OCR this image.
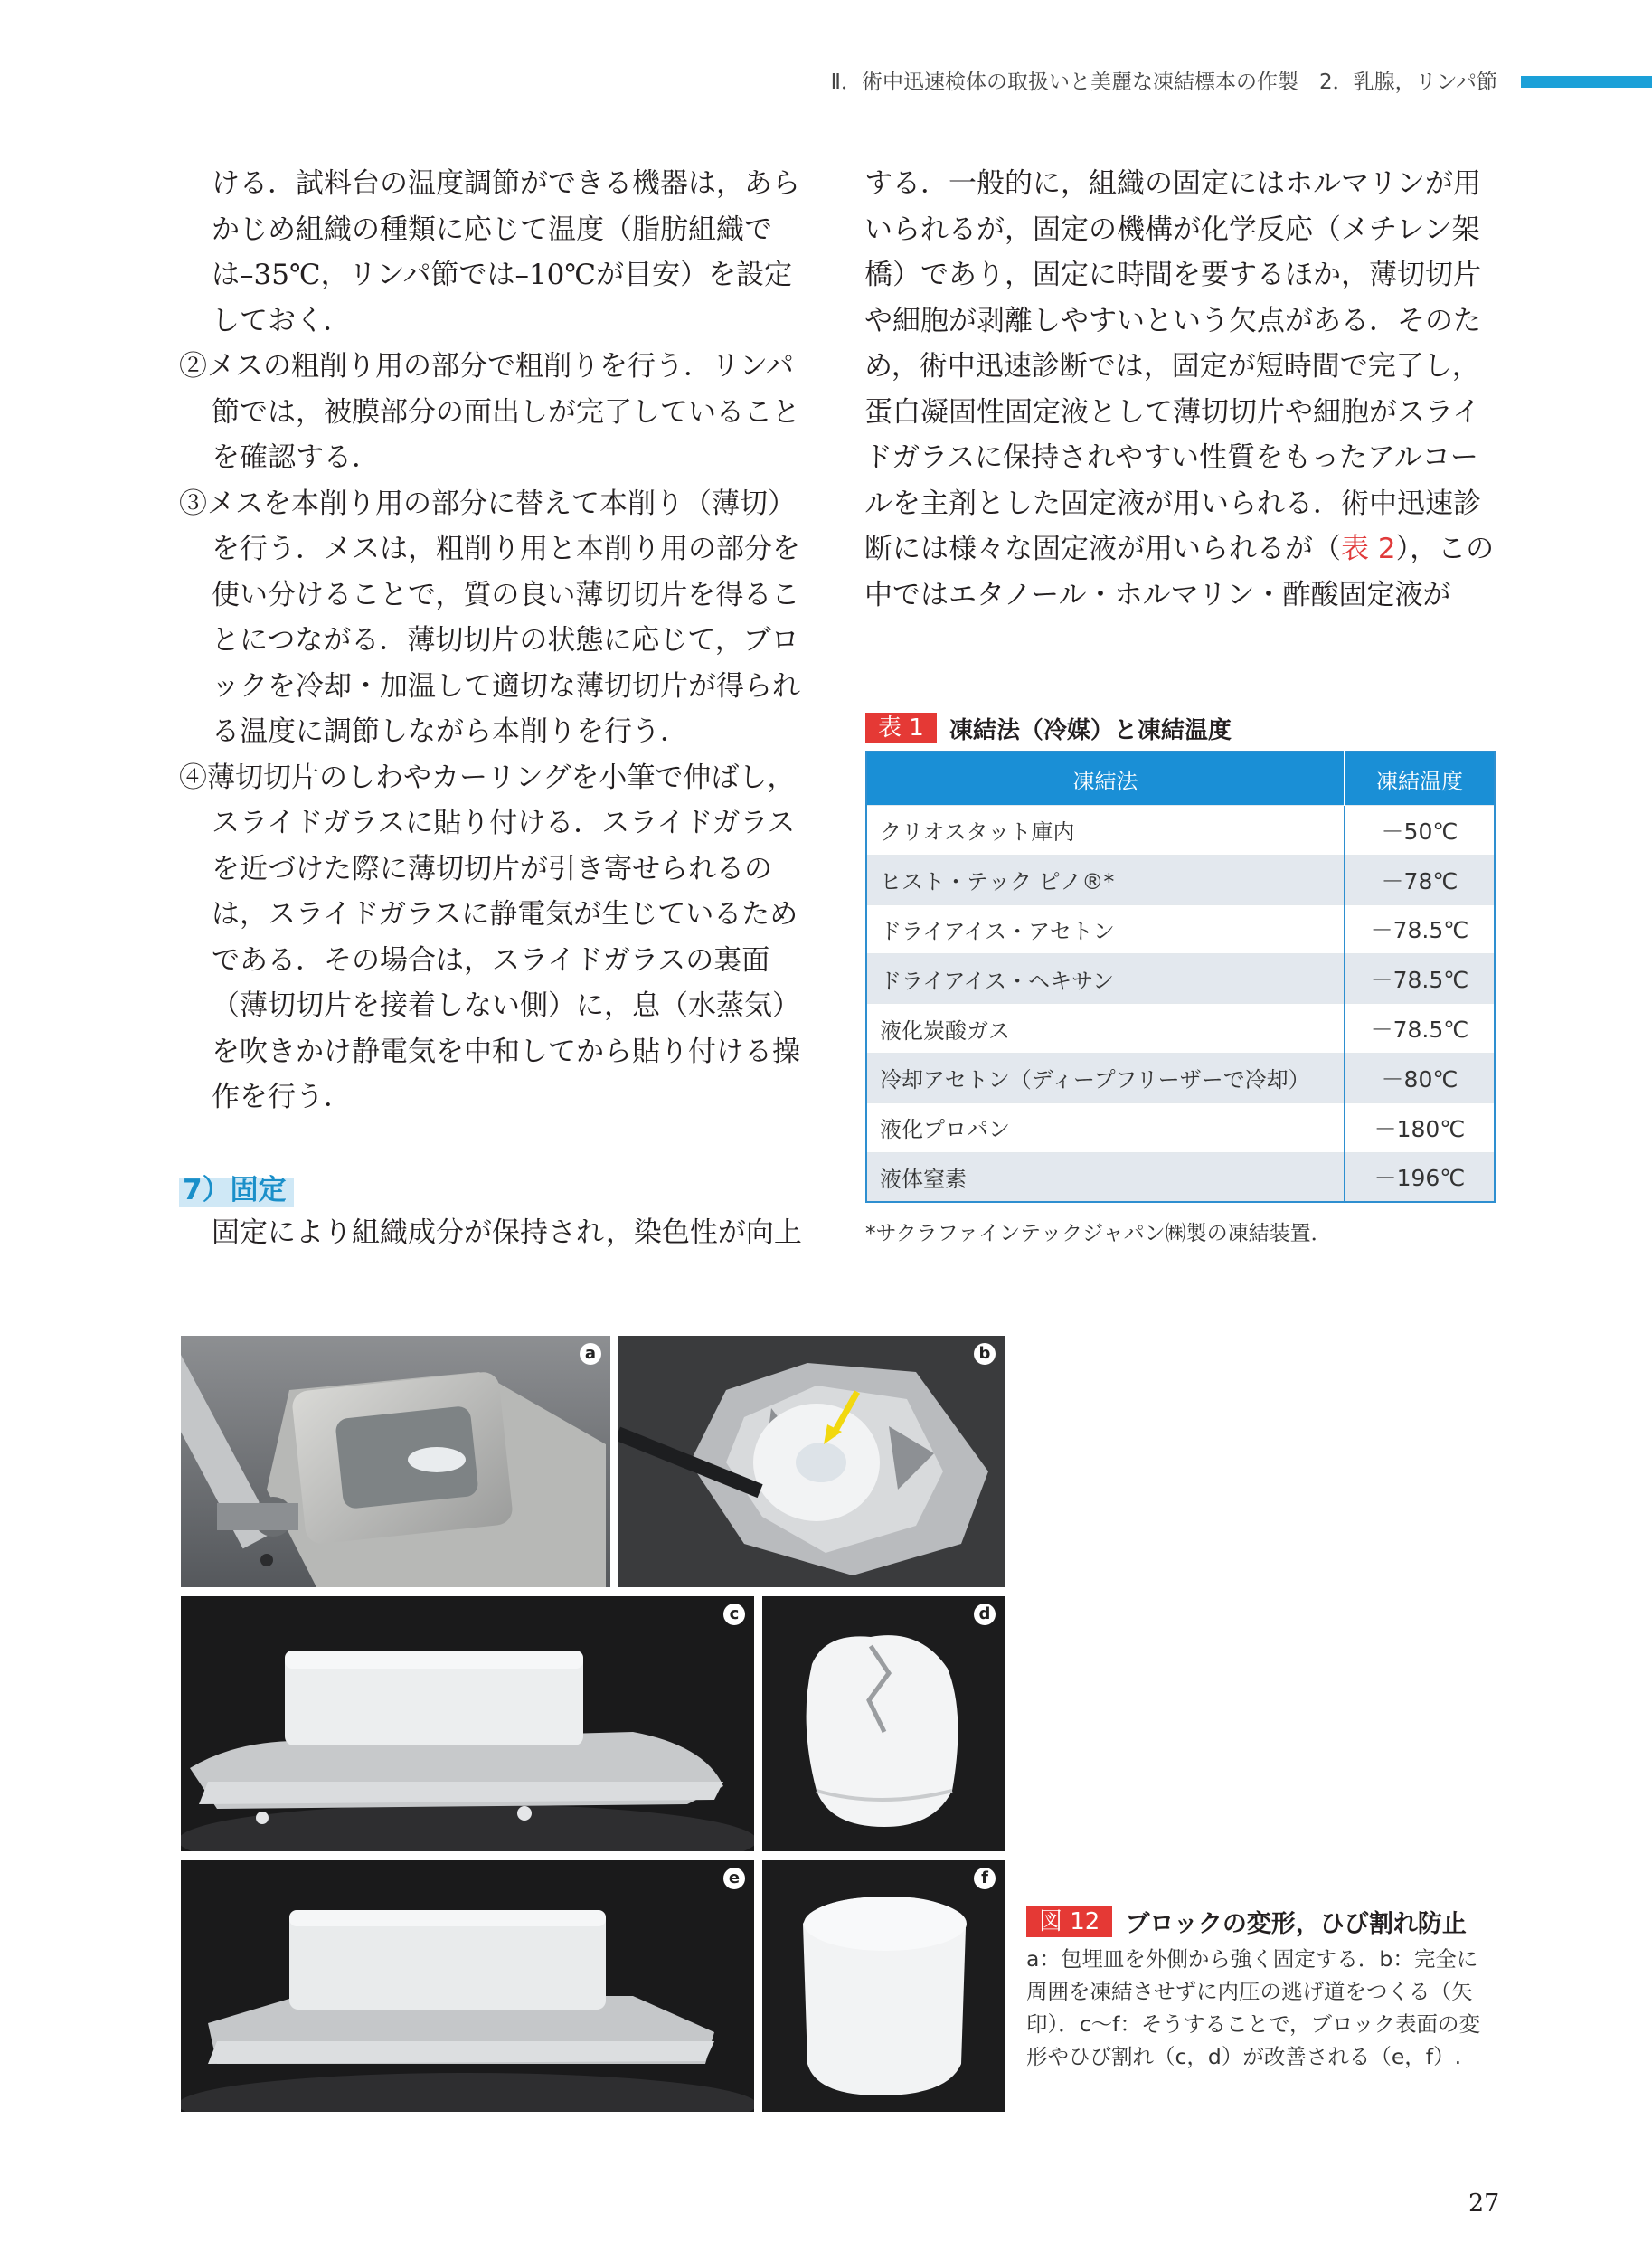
Ⅱ．術中迅速検体の取扱いと美麗な凍結標本の作製　2．乳腺，リンパ節

ける．試料台の温度調節ができる機器は，あらかじめ組織の種類に応じて温度（脂肪組織では–35℃，リンパ節では–10℃が目安）を設定しておく．

②メスの粗削り用の部分で粗削りを行う．リンパ節では，被膜部分の面出しが完了していることを確認する．

③メスを本削り用の部分に替えて本削り（薄切）を行う．メスは，粗削り用と本削り用の部分を使い分けることで，質の良い薄切切片を得ることにつながる．薄切切片の状態に応じて，ブロックを冷却・加温して適切な薄切切片が得られる温度に調節しながら本削りを行う．

④薄切切片のしわやカーリングを小筆で伸ばし，スライドガラスに貼り付ける．スライドガラスを近づけた際に薄切切片が引き寄せられるのは，スライドガラスに静電気が生じているためである．その場合は，スライドガラスの裏面（薄切切片を接着しない側）に，息（水蒸気）を吹きかけ静電気を中和してから貼り付ける操作を行う．

7）固定
固定により組織成分が保持され，染色性が向上

する．一般的に，組織の固定にはホルマリンが用いられるが，固定の機構が化学反応（メチレン架橋）であり，固定に時間を要するほか，薄切切片や細胞が剥離しやすいという欠点がある．そのため，術中迅速診断では，固定が短時間で完了し，蛋白凝固性固定液として薄切切片や細胞がスライドガラスに保持されやすい性質をもったアルコールを主剤とした固定液が用いられる．術中迅速診断には様々な固定液が用いられるが（表 2），この中ではエタノール・ホルマリン・酢酸固定液が

表 1	凍結法（冷媒）と凍結温度
凍結法	凍結温度
クリオスタット庫内	－50℃
ヒスト・テック ピノ®*	－78℃
ドライアイス・アセトン	－78.5℃
ドライアイス・ヘキサン	－78.5℃
液化炭酸ガス	－78.5℃
冷却アセトン（ディープフリーザーで冷却）	－80℃
液化プロパン	－180℃
液体窒素	－196℃
*サクラファインテックジャパン㈱製の凍結装置．
a	b
c	d
e	f
図 12	ブロックの変形，ひび割れ防止
a：包埋皿を外側から強く固定する．b：完全に周囲を凍結させずに内圧の逃げ道をつくる（矢印）．c〜f：そうすることで，ブロック表面の変形やひび割れ（c，d）が改善される（e，f）.
27
